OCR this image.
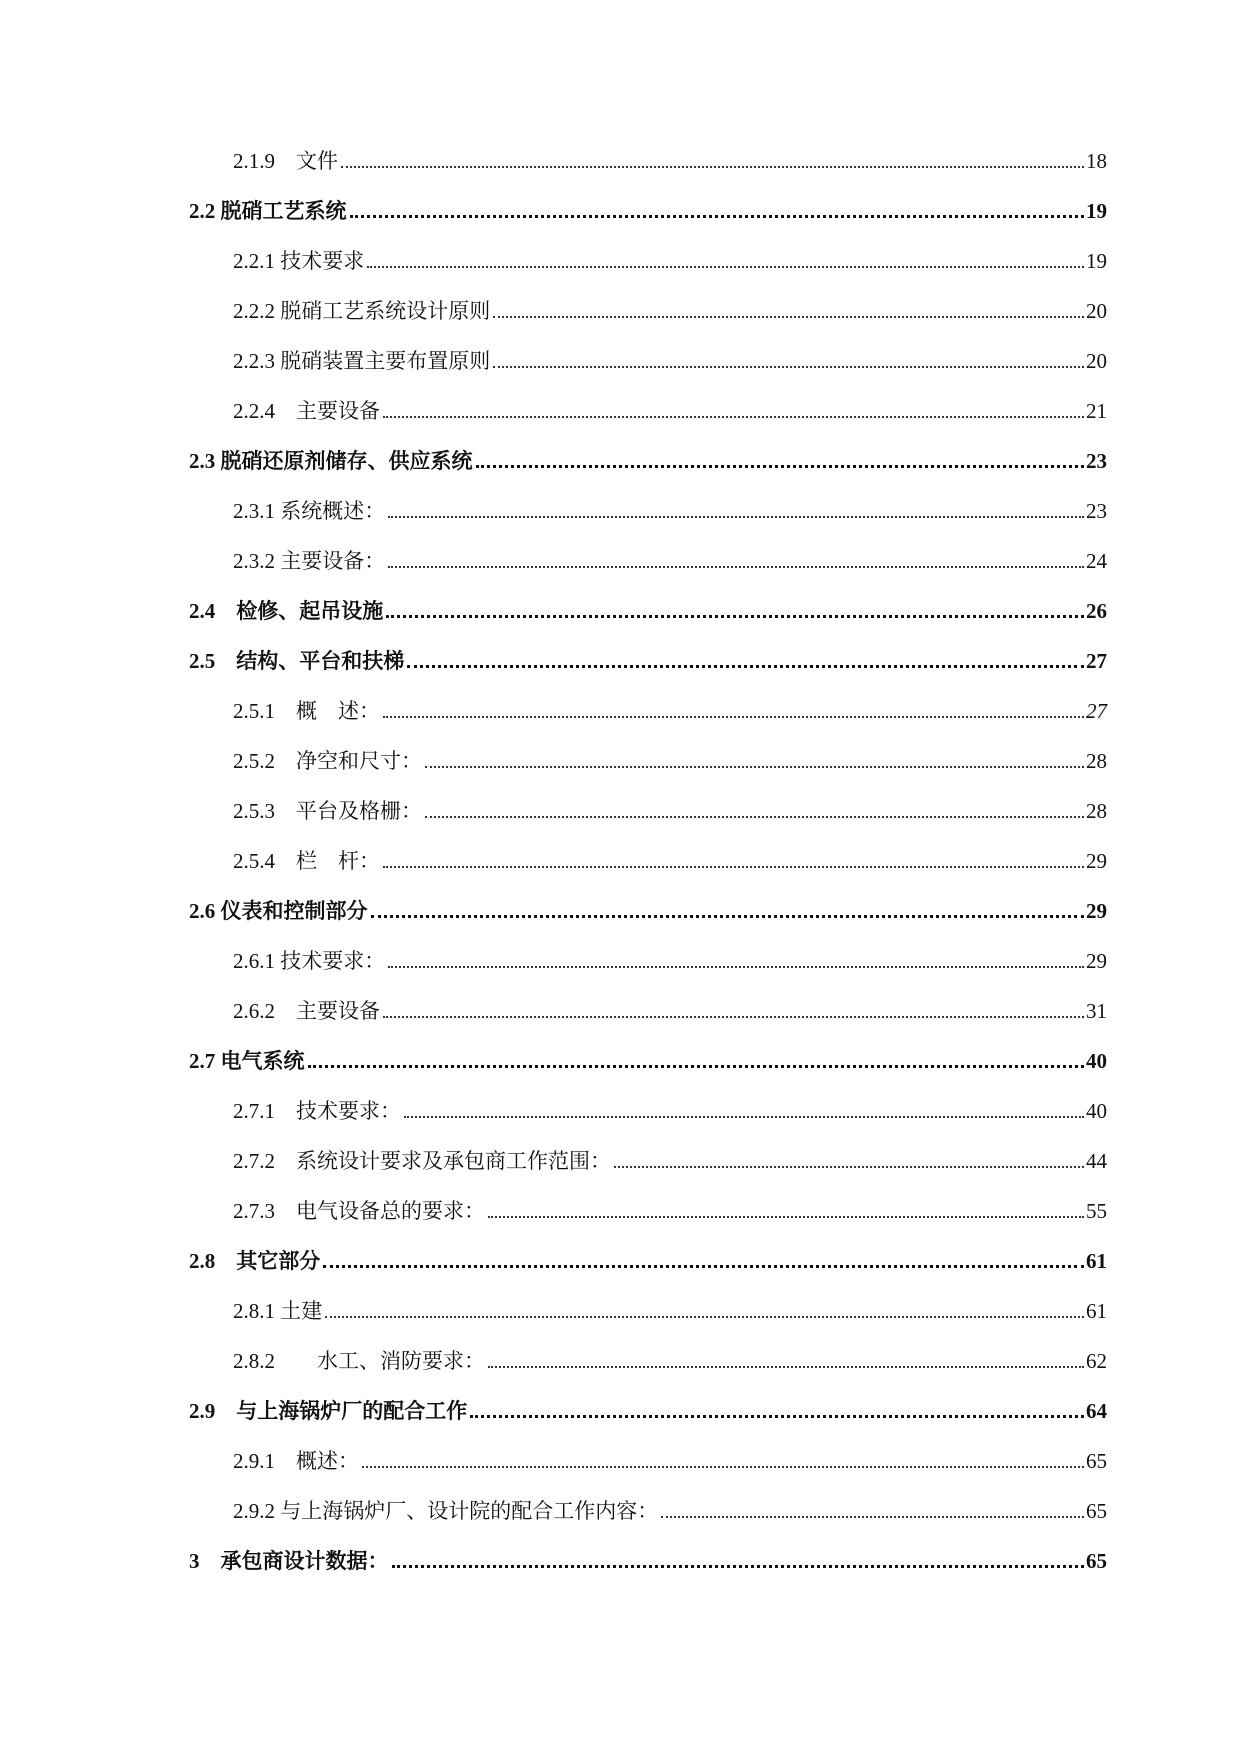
2.1.9　文件	18
2.2 脱硝工艺系统	19
2.2.1 技术要求	19
2.2.2 脱硝工艺系统设计原则	20
2.2.3 脱硝装置主要布置原则	20
2.2.4　主要设备	21
2.3 脱硝还原剂储存、供应系统	23
2.3.1 系统概述：	23
2.3.2 主要设备：	24
2.4　检修、起吊设施	26
2.5　结构、平台和扶梯	27
2.5.1　概　述：	27
2.5.2　净空和尺寸：	28
2.5.3　平台及格栅：	28
2.5.4　栏　杆：	29
2.6 仪表和控制部分	29
2.6.1 技术要求：	29
2.6.2　主要设备	31
2.7 电气系统	40
2.7.1　技术要求：	40
2.7.2　系统设计要求及承包商工作范围：	44
2.7.3　电气设备总的要求：	55
2.8　其它部分	61
2.8.1 土建	61
2.8.2　　水工、消防要求：	62
2.9　与上海锅炉厂的配合工作	64
2.9.1　概述：	65
2.9.2 与上海锅炉厂、设计院的配合工作内容：	65
3　承包商设计数据：	65
